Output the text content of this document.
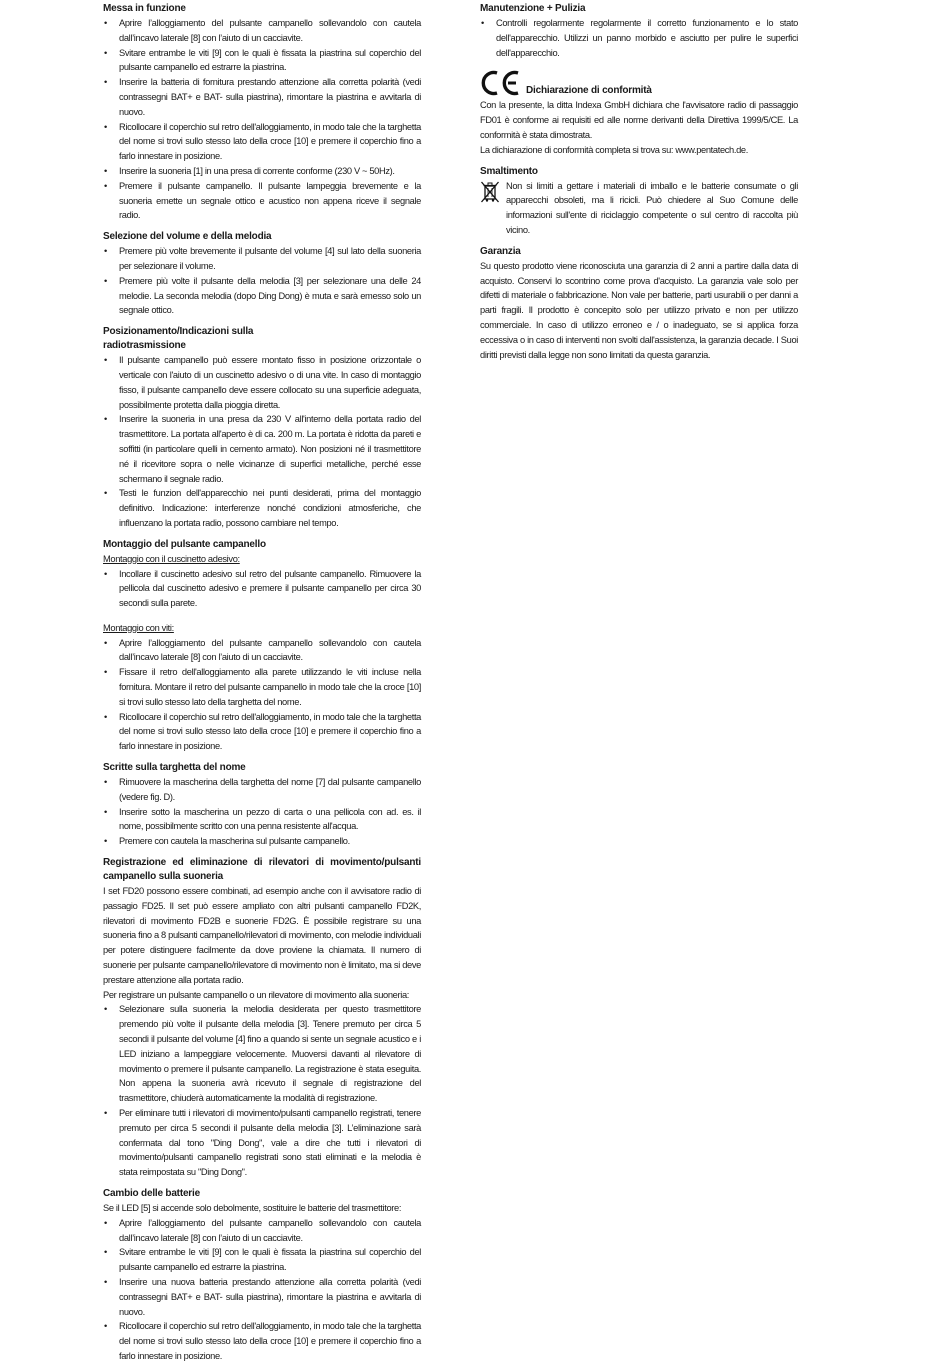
Messa in funzione
• Aprire l’alloggiamento del pulsante campanello sollevandolo con cautela dall’incavo laterale [8] con l’aiuto di un cacciavite.
• Svitare entrambe le viti [9] con le quali è fissata la piastrina sul coperchio del pulsante campanello ed estrarre la piastrina.
• Inserire la batteria di fornitura prestando attenzione alla corretta polarità (vedi contrassegni BAT+ e BAT- sulla piastrina), rimontare la piastrina e avvitarla di nuovo.
• Ricollocare il coperchio sul retro dell'alloggiamento, in modo tale che la targhetta del nome si trovi sullo stesso lato della croce [10] e premere il coperchio fino a farlo innestare in posizione.
• Inserire la suoneria [1] in una presa di corrente conforme (230 V ~ 50Hz).
• Premere il pulsante campanello. Il pulsante lampeggia brevemente e la suoneria emette un segnale ottico e acustico non appena riceve il segnale radio.
Selezione del volume e della melodia
• Premere più volte brevemente il pulsante del volume [4] sul lato della suoneria per selezionare il volume.
• Premere più volte il pulsante della melodia [3] per selezionare una delle 24 melodie. La seconda melodia (dopo Ding Dong) è muta e sarà emesso solo un segnale ottico.
Posizionamento/Indicazioni sulla
radiotrasmissione
• Il pulsante campanello può essere montato fisso in posizione orizzontale o verticale con l'aiuto di un cuscinetto adesivo o di una vite. In caso di montaggio fisso, il pulsante campanello deve essere collocato su una superficie adeguata, possibilmente protetta dalla pioggia diretta.
• Inserire la suoneria in una presa da 230 V all'interno della portata radio del trasmettitore. La portata all'aperto è di ca. 200 m. La portata è ridotta da pareti e soffitti (in particolare quelli in cemento armato). Non posizioni né il trasmettitore né il ricevitore sopra o nelle vicinanze di superfici metalliche, perché esse schermano il segnale radio.
• Testi le funzion dell'apparecchio nei punti desiderati, prima del montaggio definitivo. Indicazione: interferenze nonché condizioni atmosferiche, che influenzano la portata radio, possono cambiare nel tempo.
Montaggio del pulsante campanello

Montaggio con il cuscinetto adesivo:

• Incollare il cuscinetto adesivo sul retro del pulsante campanello. Rimuovere la pellicola dal cuscinetto adesivo e premere il pulsante campanello per circa 30 secondi sulla parete.

Montaggio con viti:

• Aprire l’alloggiamento del pulsante campanello sollevandolo con cautela dall’incavo laterale [8] con l’aiuto di un cacciavite.
• Fissare il retro dell'alloggiamento alla parete utilizzando le viti incluse nella fornitura. Montare il retro del pulsante campanello in modo tale che la croce [10] si trovi sullo stesso lato della targhetta del nome.
• Ricollocare il coperchio sul retro dell'alloggiamento, in modo tale che la targhetta del nome si trovi sullo stesso lato della croce [10] e premere il coperchio fino a farlo innestare in posizione.
Scritte sulla targhetta del nome
• Rimuovere la mascherina della targhetta del nome [7] dal pulsante campanello (vedere fig. D).
• Inserire sotto la mascherina un pezzo di carta o una pellicola con ad. es. il nome, possibilmente scritto con una penna resistente all'acqua.
• Premere con cautela la mascherina sul pulsante campanello.
Registrazione ed eliminazione di rilevatori di movimento/pulsanti campanello sulla suoneria

I set FD20 possono essere combinati, ad esempio anche con il avvisatore radio di passagio FD25. Il set può essere ampliato con altri pulsanti campanello FD2K, rilevatori di movimento FD2B e suonerie FD2G. È possibile registrare su una suoneria fino a 8 pulsanti campanello/rilevatori di movimento, con melodie individuali per potere distinguere facilmente da dove proviene la chiamata. Il numero di suonerie per pulsante campanello/rilevatore di movimento non è limitato, ma si deve prestare attenzione alla portata radio.

Per registrare un pulsante campanello o un rilevatore di movimento alla suoneria:

• Selezionare sulla suoneria la melodia desiderata per questo trasmettitore premendo più volte il pulsante della melodia [3]. Tenere premuto per circa 5 secondi il pulsante del volume [4] fino a quando si sente un segnale acustico e i LED iniziano a lampeggiare velocemente. Muoversi davanti al rilevatore di movimento o premere il pulsante campanello. La registrazione è stata eseguita. Non appena la suoneria avrà ricevuto il segnale di registrazione del trasmettitore, chiuderà automaticamente la modalità di registrazione.
• Per eliminare tutti i rilevatori di movimento/pulsanti campanello registrati, tenere premuto per circa 5 secondi il pulsante della melodia [3]. L’eliminazione sarà confermata dal tono "Ding Dong", vale a dire che tutti i rilevatori di movimento/pulsanti campanello registrati sono stati eliminati e la melodia è stata reimpostata su "Ding Dong".
Cambio delle batterie

Se il LED [5] si accende solo debolmente, sostituire le batterie del trasmettitore:

• Aprire l’alloggiamento del pulsante campanello sollevandolo con cautela dall’incavo laterale [8] con l’aiuto di un cacciavite.
• Svitare entrambe le viti [9] con le quali è fissata la piastrina sul coperchio del pulsante campanello ed estrarre la piastrina.
• Inserire una nuova batteria prestando attenzione alla corretta polarità (vedi contrassegni BAT+ e BAT- sulla piastrina), rimontare la piastrina e avvitarla di nuovo.
• Ricollocare il coperchio sul retro dell'alloggiamento, in modo tale che la targhetta del nome si trovi sullo stesso lato della croce [10] e premere il coperchio fino a farlo innestare in posizione.
Manutenzione + Pulizia
• Controlli regolarmente regolarmente il corretto funzionamento e lo stato dell'apparecchio. Utilizzi un panno morbido e asciutto per pulire le superfici dell'apparecchio.
Dichiarazione di conformità

Con la presente, la ditta Indexa GmbH dichiara che l'avvisatore radio di passaggio FD01 è conforme ai requisiti ed alle norme derivanti della Direttiva 1999/5/CE. La conformità è stata dimostrata.

La dichiarazione di conformità completa si trova su: www.pentatech.de.

Smaltimento

Non si limiti a gettare i materiali di imballo e le batterie consumate o gli apparecchi obsoleti, ma li ricicli. Può chiedere al Suo Comune delle informazioni sull'ente di riciclaggio competente o sul centro di raccolta più vicino.

Garanzia

Su questo prodotto viene riconosciuta una garanzia di 2 anni a partire dalla data di acquisto. Conservi lo scontrino come prova d'acquisto. La garanzia vale solo per difetti di materiale o fabbricazione. Non vale per batterie, parti usurabili o per danni a parti fragili. Il prodotto è concepito solo per utilizzo privato e non per utilizzo commerciale. In caso di utilizzo erroneo e / o inadeguato, se si applica forza eccessiva o in caso di interventi non svolti dall'assistenza, la garanzia decade. I Suoi diritti previsti dalla legge non sono limitati da questa garanzia.
